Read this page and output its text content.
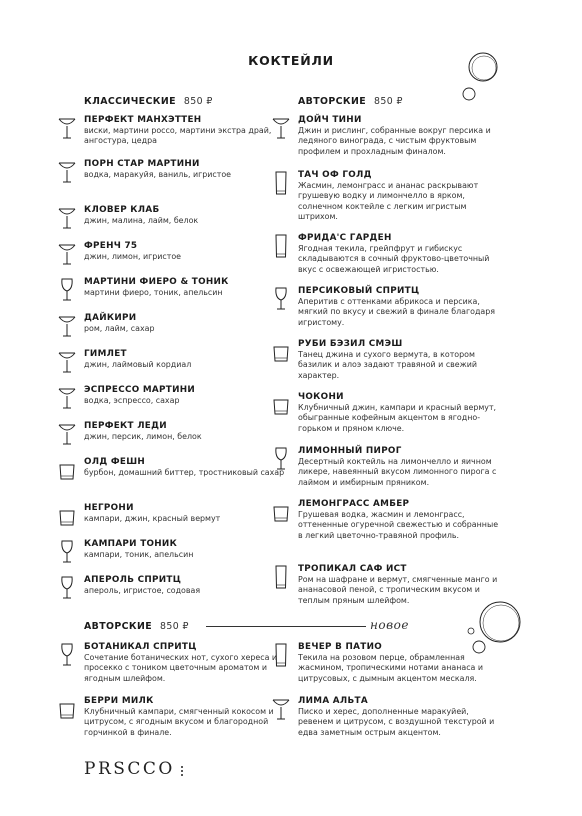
КОКТЕЙЛИ
КЛАССИЧЕСКИЕ 850 ₽	АВТОРСКИЕ 850 ₽
ПЕРФЕКТ МАНХЭТТЕН
виски, мартини россо, мартини экстра драй, ангостура, цедра
ПОРН СТАР МАРТИНИ
водка, маракуйя, ваниль, игристое
КЛОВЕР КЛАБ
джин, малина, лайм, белок
ФРЕНЧ 75
джин, лимон, игристое
МАРТИНИ ФИЕРО & ТОНИК
мартини фиеро, тоник, апельсин
ДАЙКИРИ
ром, лайм, сахар
ГИМЛЕТ
джин, лаймовый кордиал
ЭСПРЕССО МАРТИНИ
водка, эспрессо, сахар
ПЕРФЕКТ ЛЕДИ
джин, персик, лимон, белок
ОЛД ФЕШН
бурбон, домашний биттер, тростниковый сахар
НЕГРОНИ
кампари, джин, красный вермут
КАМПАРИ ТОНИК
кампари, тоник, апельсин
АПЕРОЛЬ СПРИТЦ
апероль, игристое, содовая
ДОЙЧ ТИНИ
Джин и рислинг, собранные вокруг персика и ледяного винограда, с чистым фруктовым профилем и прохладным финалом.
ТАЧ ОФ ГОЛД
Жасмин, лемонграсс и ананас раскрывают грушевую водку и лимончелло в ярком, солнечном коктейле с легким игристым штрихом.
ФРИДА'С ГАРДЕН
Ягодная текила, грейпфрут и гибискус складываются в сочный фруктово-цветочный вкус с освежающей игристостью.
ПЕРСИКОВЫЙ СПРИТЦ
Аперитив с оттенками абрикоса и персика, мягкий по вкусу и свежий в финале благодаря игристому.
РУБИ БЭЗИЛ СМЭШ
Танец джина и сухого вермута, в котором базилик и алоэ задают травяной и свежий характер.
ЧОКОНИ
Клубничный джин, кампари и красный вермут, обыгранные кофейным акцентом в ягодно-горьком и пряном ключе.
ЛИМОННЫЙ ПИРОГ
Десертный коктейль на лимончелло и яичном ликере, навеянный вкусом лимонного пирога с лаймом и имбирным пряником.
ЛЕМОНГРАСС АМБЕР
Грушевая водка, жасмин и лемонграсс, оттененные огуречной свежестью и собранные в легкий цветочно-травяной профиль.
ТРОПИКАЛ САФ ИСТ
Ром на шафране и вермут, смягченные манго и ананасовой пеной, с тропическим вкусом и теплым пряным шлейфом.
АВТОРСКИЕ 850 ₽	новое
БОТАНИКАЛ СПРИТЦ
Сочетание ботанических нот, сухого хереса и просекко с тоником цветочным ароматом и ягодным шлейфом.
ВЕЧЕР В ПАТИО
Текила на розовом перце, обрамленная жасмином, тропическими нотами ананаса и цитрусовых, с дымным акцентом мескаля.
БЕРРИ МИЛК
Клубничный кампари, смягченный кокосом и цитрусом, с ягодным вкусом и благородной горчинкой в финале.
ЛИМА АЛЬТА
Писко и херес, дополненные маракуйей, ревенем и цитрусом, с воздушной текстурой и едва заметным острым акцентом.
PRSCCO
